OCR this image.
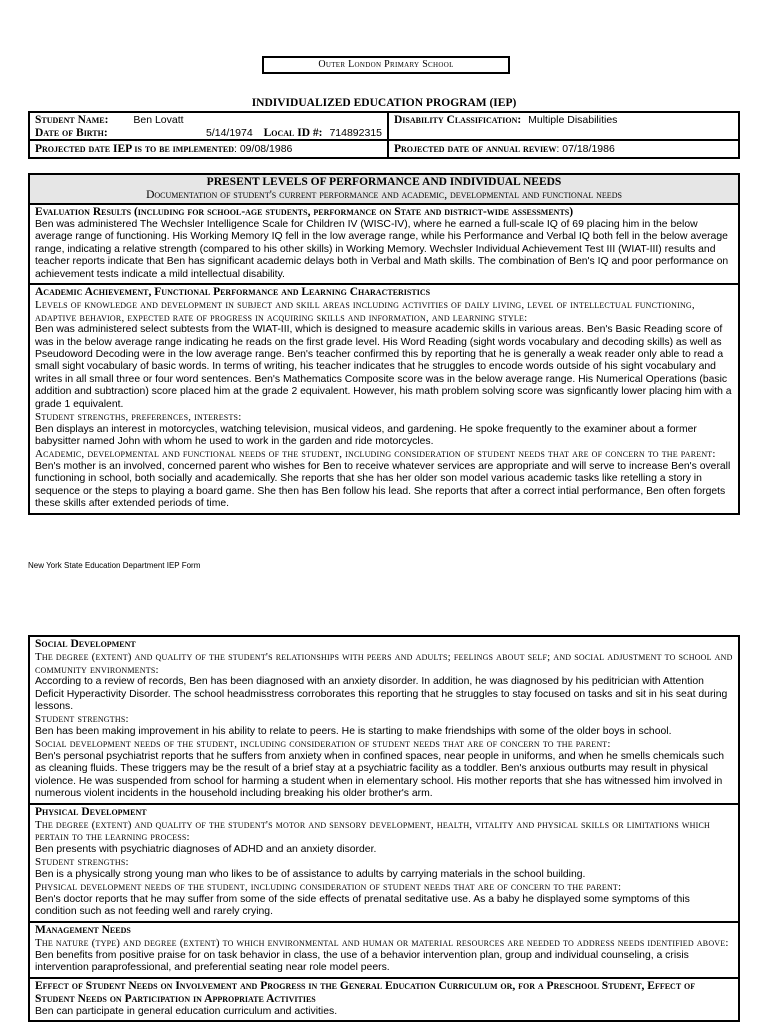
Outer London Primary School
INDIVIDUALIZED EDUCATION PROGRAM (IEP)
Student Name: Ben Lovatt
Date of Birth:	5/14/1974 Local ID #: 714892315
Disability Classification: Multiple Disabilities
Projected date IEP is to be implemented: 09/08/1986	Projected date of annual review: 07/18/1986
PRESENT LEVELS OF PERFORMANCE AND INDIVIDUAL NEEDS
Documentation of student's current performance and academic, developmental and functional needs
Evaluation Results (including for school-age students, performance on State and district-wide assessments)
Ben was administered The Wechsler Intelligence Scale for Children IV (WISC-IV), where he earned a full-scale IQ of 69 placing him in the below average range of functioning. His Working Memory IQ fell in the low average range, while his Performance and Verbal IQ both fell in the below average range, indicating a relative strength (compared to his other skills) in Working Memory. Wechsler Individual Achievement Test III (WIAT-III) results and teacher reports indicate that Ben has significant academic delays both in Verbal and Math skills. The combination of Ben's IQ and poor performance on achievement tests indicate a mild intellectual disability.
Academic Achievement, Functional Performance and Learning Characteristics
Levels of knowledge and development in subject and skill areas including activities of daily living, level of intellectual functioning, adaptive behavior, expected rate of progress in acquiring skills and information, and learning style:
Ben was administered select subtests from the WIAT-III, which is designed to measure academic skills in various areas. Ben's Basic Reading score of was in the below average range indicating he reads on the first grade level. His Word Reading (sight words vocabulary and decoding skills) as well as Pseudoword Decoding were in the low average range. Ben's teacher confirmed this by reporting that he is generally a weak reader only able to read a small sight vocabulary of basic words. In terms of writing, his teacher indicates that he struggles to encode words outside of his sight vocabulary and writes in all small three or four word sentences. Ben's Mathematics Composite score was in the below average range. His Numerical Operations (basic addition and subtraction) score placed him at the grade 2 equivalent. However, his math problem solving score was signficantly lower placing him with a grade 1 equivalent.
Student strengths, preferences, interests:
Ben displays an interest in motorcycles, watching television, musical videos, and gardening. He spoke frequently to the examiner about a former babysitter named John with whom he used to work in the garden and ride motorcycles.
Academic, developmental and functional needs of the student, including consideration of student needs that are of concern to the parent:
Ben's mother is an involved, concerned parent who wishes for Ben to receive whatever services are appropriate and will serve to increase Ben's overall functioning in school, both socially and academically. She reports that she has her older son model various academic tasks like retelling a story in sequence or the steps to playing a board game. She then has Ben follow his lead. She reports that after a correct intial performance, Ben often forgets these skills after extended periods of time.
New York State Education Department IEP Form
Social Development
The degree (extent) and quality of the student's relationships with peers and adults; feelings about self; and social adjustment to school and community environments:
According to a review of records, Ben has been diagnosed with an anxiety disorder. In addition, he was diagnosed by his peditrician with Attention Deficit Hyperactivity Disorder. The school headmisstress corroborates this reporting that he struggles to stay focused on tasks and sit in his seat during lessons.
Student strengths:
Ben has been making improvement in his ability to relate to peers. He is starting to make friendships with some of the older boys in school.
Social development needs of the student, including consideration of student needs that are of concern to the parent:
Ben's personal psychiatrist reports that he suffers from anxiety when in confined spaces, near people in uniforms, and when he smells chemicals such as cleaning fluids. These triggers may be the result of a brief stay at a psychiatric facility as a toddler. Ben's anxious outburts may result in physical violence. He was suspended from school for harming a student when in elementary school. His mother reports that she has witnessed him involved in numerous violent incidents in the household including breaking his older brother's arm.
Physical Development
The degree (extent) and quality of the student's motor and sensory development, health, vitality and physical skills or limitations which pertain to the learning process:
Ben presents with psychiatric diagnoses of ADHD and an anxiety disorder.
Student strengths:
Ben is a physically strong young man who likes to be of assistance to adults by carrying materials in the school building.
Physical development needs of the student, including consideration of student needs that are of concern to the parent:
Ben's doctor reports that he may suffer from some of the side effects of prenatal seditative use. As a baby he displayed some symptoms of this condition such as not feeding well and rarely crying.
Management Needs
The nature (type) and degree (extent) to which environmental and human or material resources are needed to address needs identified above: Ben benefits from positive praise for on task behavior in class, the use of a behavior intervention plan, group and individual counseling, a crisis intervention paraprofessional, and preferential seating near role model peers.
Effect of Student Needs on Involvement and Progress in the General Education Curriculum or, for a Preschool Student, Effect of Student Needs on Participation in Appropriate Activities
Ben can participate in general education curriculum and activities.
